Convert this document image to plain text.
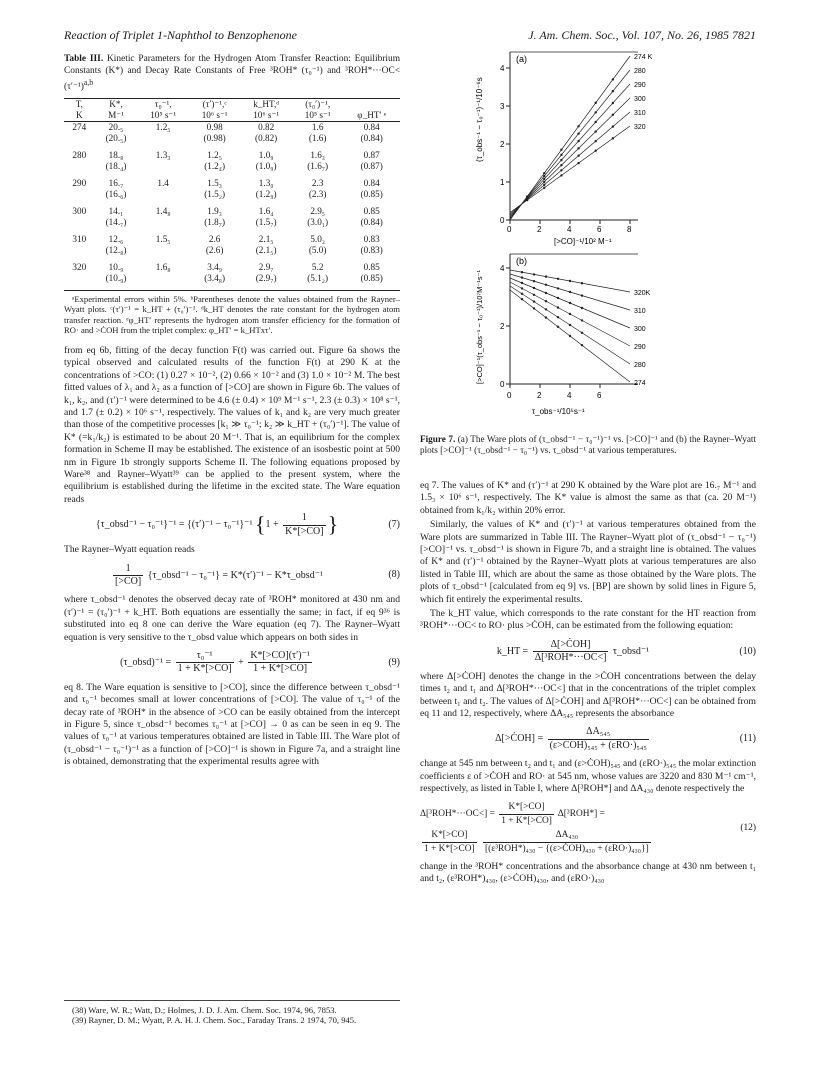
Reaction of Triplet 1-Naphthol to Benzophenone	J. Am. Chem. Soc., Vol. 107, No. 26, 1985 7821
Table III. Kinetic Parameters for the Hydrogen Atom Transfer Reaction: Equilibrium Constants (K*) and Decay Rate Constants of Free ³ROH* (τ₀⁻¹) and $^3ROH*\cdot\cdot\cdot OC< (\tau'^{-1})^{a,b}$
T,	K*,	τ₀⁻¹,	(τ′)⁻¹,ᶜ	k_HT,ᵈ	(τ₀′)⁻¹,	
K	M⁻¹	10⁵ s⁻¹	10⁶ s⁻¹	10⁶ s⁻¹	10⁵ s⁻¹	φ_HT′ ᵉ
274	20.₅	1.2₅	0.98	0.82	1.6	0.84
	(20.₅)		(0.98)	(0.82)	(1.6)	(0.84)
280	18.₈	1.3₃	1.2₅	1.0₉	1.6₃	0.87
	(18.₄)		(1.2₄)	(1.0₉)	(1.6₇)	(0.87)
290	16.₇	1.4	1.5₃	1.3₀	2.3	0.84
	(16.₆)		(1.5₂)	(1.2₉)	(2.3)	(0.85)
300	14.₁	1.4₈	1.9₃	1.6₄	2.9₅	0.85
	(14.₇)		(1.8₇)	(1.5₇)	(3.0₁)	(0.84)
310	12.₆	1.5₅	2.6	2.1₅	5.0₂	0.83
	(12.₈)		(2.6)	(2.1₅)	(5.0)	(0.83)
320	10.₉	1.6₈	3.4₉	2.9₇	5.2	0.85
	(10.₉)		(3.4₈)	(2.9₇)	(5.1₂)	(0.85)
ᵃExperimental errors within 5%. ᵇParentheses denote the values obtained from the Rayner–Wyatt plots. ᶜ(τ′)⁻¹ = k_HT + (τ₀′)⁻¹. ᵈk_HT denotes the rate constant for the hydrogen atom transfer reaction. ᵉφ_HT′ represents the hydrogen atom transfer efficiency for the formation of RO· and >ĊOH from the triplet complex: φ_HT′ = k_HTxτ′.

from eq 6b, fitting of the decay function F(t) was carried out. Figure 6a shows the typical observed and calculated results of the function F(t) at 290 K at the concentrations of >CO: (1) 0.27 × 10⁻², (2) 0.66 × 10⁻² and (3) 1.0 × 10⁻² M. The best fitted values of λ₁ and λ₂ as a function of [>CO] are shown in Figure 6b. The values of k₁, k₂, and (τ′)⁻¹ were determined to be 4.6 (± 0.4) × 10⁹ M⁻¹ s⁻¹, 2.3 (± 0.3) × 10⁸ s⁻¹, and 1.7 (± 0.2) × 10⁶ s⁻¹, respectively. The values of k₁ and k₂ are very much greater than those of the competitive processes [k₁ ≫ τ₀⁻¹; k₂ ≫ k_HT + (τ₀′)⁻¹]. The value of K* (=k₁/k₂) is estimated to be about 20 M⁻¹. That is, an equilibrium for the complex formation in Scheme II may be established. The existence of an isosbestic point at 500 nm in Figure 1b strongly supports Scheme II. The following equations proposed by Ware³⁸ and Rayner–Wyatt³⁹ can be applied to the present system, where the equilibrium is established during the lifetime in the excited state. The Ware equation reads

{τ_obsd⁻¹ − τ₀⁻¹}⁻¹ = {(τ′)⁻¹ − τ₀⁻¹}⁻¹ {$1 + \frac{1}{K*[>CO]}$ }	(7)

The Rayner–Wyatt equation reads

$\frac{1}{[>CO]}$ {τ_obsd⁻¹ − τ₀⁻¹} = K*(τ′)⁻¹ − K*τ_obsd⁻¹	(8)

where τ_obsd⁻¹ denotes the observed decay rate of ³ROH* monitored at 430 nm and (τ′)⁻¹ = (τ₀′)⁻¹ + k_HT. Both equations are essentially the same; in fact, if eq 9³⁶ is substituted into eq 8 one can derive the Ware equation (eq 7). The Rayner–Wyatt equation is very sensitive to the τ_obsd value which appears on both sides in

(τ_obsd)⁻¹ = $\frac{\text{τ₀⁻¹}}{1 + K*[>CO]} + \frac{\text{K*[>CO](τ′)⁻¹}}{1 + K*[>CO]}$	(9)

eq 8. The Ware equation is sensitive to [>CO], since the difference between τ_obsd⁻¹ and τ₀⁻¹ becomes small at lower concentrations of [>CO]. The value of τ₀⁻¹ of the decay rate of ³ROH* in the absence of >CO can be easily obtained from the intercept in Figure 5, since τ_obsd⁻¹ becomes τ₀⁻¹ at [>CO] → 0 as can be seen in eq 9. The values of τ₀⁻¹ at various temperatures obtained are listed in Table III. The Ware plot of (τ_obsd⁻¹ − τ₀⁻¹)⁻¹ as a function of [>CO]⁻¹ is shown in Figure 7a, and a straight line is obtained, demonstrating that the experimental results agree with

(38) Ware, W. R.; Watt, D.; Holmes, J. D. J. Am. Chem. Soc. 1974, 96, 7853.

(39) Rayner, D. M.; Wyatt, P. A. H. J. Chem. Soc., Faraday Trans. 2 1974, 70, 945.

(a)
0
1
2
3
4
0	2	4	6	8
274 K
280
290
300
310
320
(τ_obs⁻¹ − τ₀⁻¹)⁻¹/10⁻⁶s
[>CO]⁻¹/10² M⁻¹
(b)
0
2
4
0	2	4	6
320K
310
300
290
280
274
[>CO]⁻¹(τ_obs⁻¹ − τ₀⁻¹)/10⁷M⁻¹s⁻¹
τ_obs⁻¹/10⁵s⁻¹
Figure 7. (a) The Ware plots of (τ_obsd⁻¹ − τ₀⁻¹)⁻¹ vs. [>CO]⁻¹ and (b) the Rayner–Wyatt plots [>CO]⁻¹ (τ_obsd⁻¹ − τ₀⁻¹) vs. τ_obsd⁻¹ at various temperatures.

eq 7. The values of K* and (τ′)⁻¹ at 290 K obtained by the Ware plot are 16.₇ M⁻¹ and 1.5₃ × 10⁶ s⁻¹, respectively. The K* value is almost the same as that (ca. 20 M⁻¹) obtained from k₁/k₂ within 20% error.

Similarly, the values of K* and (τ′)⁻¹ at various temperatures obtained from the Ware plots are summarized in Table III. The Rayner–Wyatt plot of (τ_obsd⁻¹ − τ₀⁻¹) [>CO]⁻¹ vs. τ_obsd⁻¹ is shown in Figure 7b, and a straight line is obtained. The values of K* and (τ′)⁻¹ obtained by the Rayner–Wyatt plots at various temperatures are also listed in Table III, which are about the same as those obtained by the Ware plots. The plots of τ_obsd⁻¹ [calculated from eq 9] vs. [BP] are shown by solid lines in Figure 5, which fit entirely the experimental results.

The k_HT value, which corresponds to the rate constant for the HT reaction from ³ROH*···OC< to RO· plus >ĊOH, can be estimated from the following equation:

k_HT = $\frac{\text{Δ[>ĊOH]}}{\text{Δ[³ROH*···OC<]}}$ τ_obsd⁻¹	(10)

where Δ[>ĊOH] denotes the change in the >ĊOH concentrations between the delay times t₂ and t₁ and Δ[³ROH*···OC<] that in the concentrations of the triplet complex between t₁ and t₂. The values of Δ[>ĊOH] and Δ[³ROH*···OC<] can be obtained from eq 11 and 12, respectively, where ΔA₅₄₅ represents the absorbance

Δ[>ĊOH] = $\frac{\text{ΔA₅₄₅}}{\text{(ε>ĊOH)₅₄₅ + (εRO·)₅₄₅}}$	(11)

change at 545 nm between t₂ and t₁ and (ε>ĊOH)₅₄₅ and (εRO·)₅₄₅ the molar extinction coefficients ε of >ĊOH and RO· at 545 nm, whose values are 3220 and 830 M⁻¹ cm⁻¹, respectively, as listed in Table I, where Δ[³ROH*] and ΔA₄₃₀ denote respectively the

$\Delta[^3ROH*\cdot\cdot\cdot OC<] = \frac{K*[>CO]}{1 + K*[>CO]} \Delta[^3ROH*]$ =
$\frac{K*[>CO]}{1 + K*[>CO]}$
$\frac{\text{ΔA₄₃₀}}{\text{[(ε³ROH*)₄₃₀ − \{(ε>ĊOH)₄₃₀ + (εRO·)₄₃₀\}]}}$
(12)

change in the ³ROH* concentrations and the absorbance change at 430 nm between t₁ and t₂, (ε³ROH*)₄₃₀, (ε>ĊOH)₄₃₀, and (εRO·)₄₃₀
